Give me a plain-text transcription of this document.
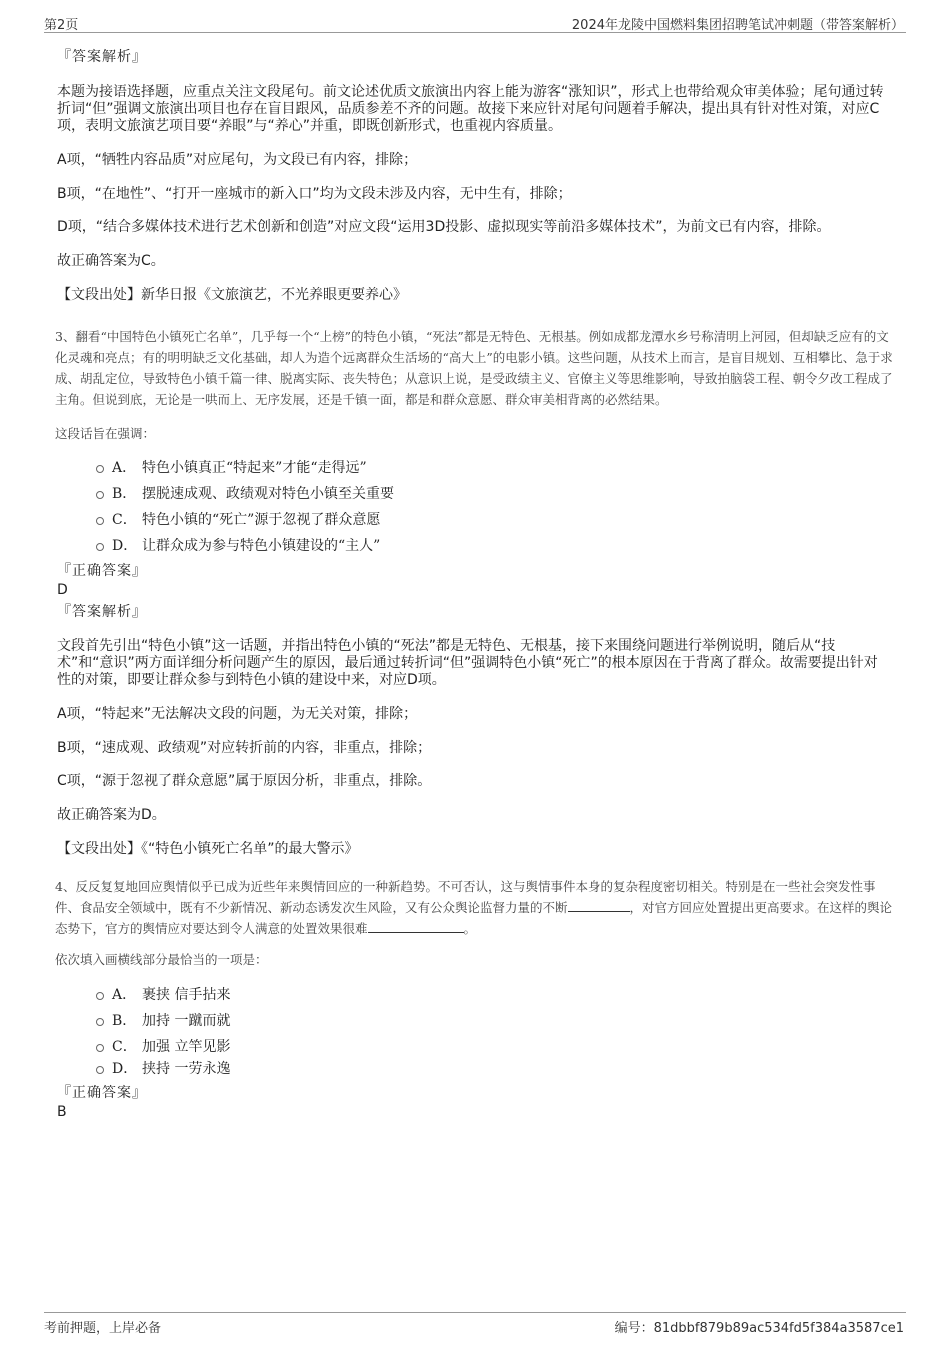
第2页	2024年龙陵中国燃料集团招聘笔试冲刺题（带答案解析）
『答案解析』
本题为接语选择题，应重点关注文段尾句。前文论述优质文旅演出内容上能为游客“涨知识”，形式上也带给观众审美体验；尾句通过转折词“但”强调文旅演出项目也存在盲目跟风，品质参差不齐的问题。故接下来应针对尾句问题着手解决，提出具有针对性对策，对应C项，表明文旅演艺项目要“养眼”与“养心”并重，即既创新形式，也重视内容质量。
A项，“牺牲内容品质”对应尾句，为文段已有内容，排除；
B项，“在地性”、“打开一座城市的新入口”均为文段未涉及内容，无中生有，排除；
D项，“结合多媒体技术进行艺术创新和创造”对应文段“运用3D投影、虚拟现实等前沿多媒体技术”，为前文已有内容，排除。
故正确答案为C。
【文段出处】新华日报《文旅演艺，不光养眼更要养心》
3、翻看“中国特色小镇死亡名单”，几乎每一个“上榜”的特色小镇，“死法”都是无特色、无根基。例如成都龙潭水乡号称清明上河园，但却缺乏应有的文化灵魂和亮点；有的明明缺乏文化基础，却人为造个远离群众生活场的“高大上”的电影小镇。这些问题，从技术上而言，是盲目规划、互相攀比、急于求成、胡乱定位，导致特色小镇千篇一律、脱离实际、丧失特色；从意识上说，是受政绩主义、官僚主义等思维影响，导致拍脑袋工程、朝令夕改工程成了主角。但说到底，无论是一哄而上、无序发展，还是千镇一面，都是和群众意愿、群众审美相背离的必然结果。
这段话旨在强调：
A． 特色小镇真正“特起来”才能“走得远”
B． 摆脱速成观、政绩观对特色小镇至关重要
C． 特色小镇的“死亡”源于忽视了群众意愿
D． 让群众成为参与特色小镇建设的“主人”
『正确答案』
D
『答案解析』
文段首先引出“特色小镇”这一话题，并指出特色小镇的“死法”都是无特色、无根基，接下来围绕问题进行举例说明，随后从“技术”和“意识”两方面详细分析问题产生的原因，最后通过转折词“但”强调特色小镇“死亡”的根本原因在于背离了群众。故需要提出针对性的对策，即要让群众参与到特色小镇的建设中来，对应D项。
A项，“特起来”无法解决文段的问题，为无关对策，排除；
B项，“速成观、政绩观”对应转折前的内容，非重点，排除；
C项，“源于忽视了群众意愿”属于原因分析，非重点，排除。
故正确答案为D。
【文段出处】《“特色小镇死亡名单”的最大警示》
4、反反复复地回应舆情似乎已成为近些年来舆情回应的一种新趋势。不可否认，这与舆情事件本身的复杂程度密切相关。特别是在一些社会突发性事件、食品安全领域中，既有不少新情况、新动态诱发次生风险，又有公众舆论监督力量的不断	，对官方回应处置提出更高要求。在这样的舆论态势下，官方的舆情应对要达到令人满意的处置效果很难	。
依次填入画横线部分最恰当的一项是：
A． 裹挟 信手拈来
B． 加持 一蹴而就
C． 加强 立竿见影
D． 挟持 一劳永逸
『正确答案』
B
考前押题，上岸必备	编号：81dbbf879b89ac534fd5f384a3587ce1
